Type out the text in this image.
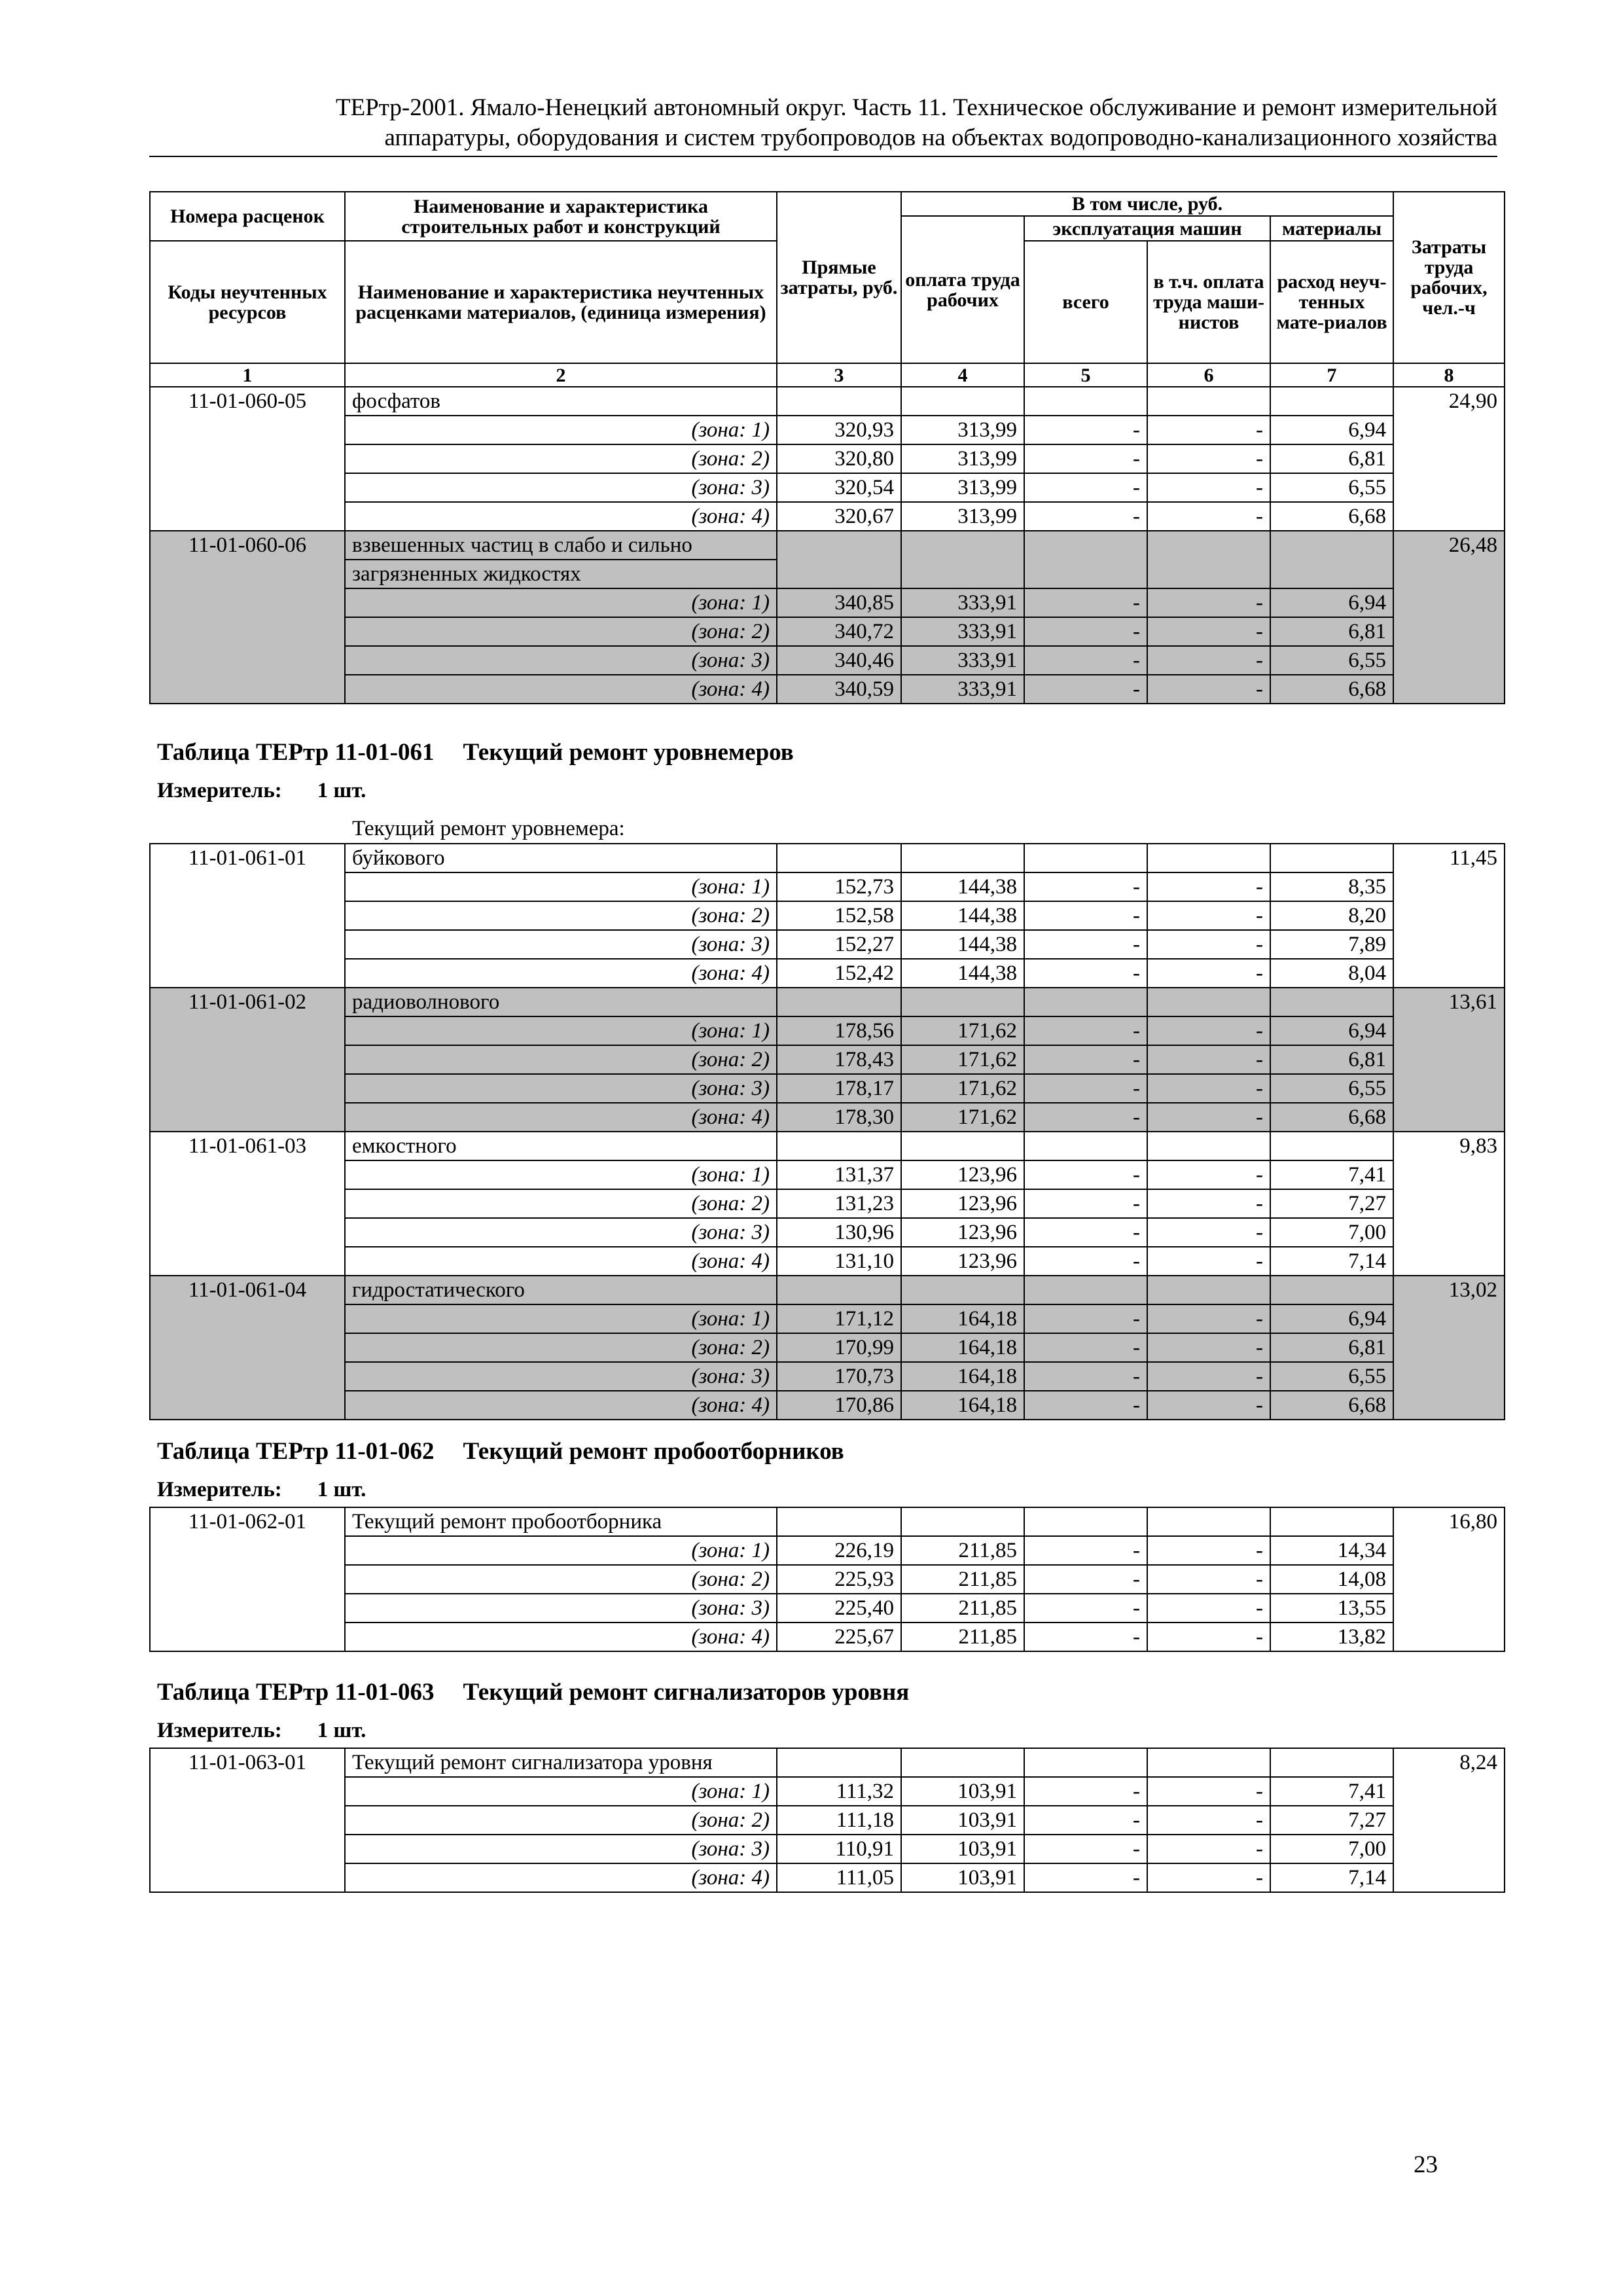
ТЕРтр-2001. Ямало-Ненецкий автономный округ. Часть 11. Техническое обслуживание и ремонт измерительной
аппаратуры, оборудования и систем трубопроводов на объектах водопроводно-канализационного хозяйства
Номера расценок	Наименование и характеристика строительных работ и конструкций	Прямые затраты, руб.	В том числе, руб.				Затраты труда рабочих, чел.-ч
			оплата труда рабочих	эксплуатация машин		материалы	
Коды неучтенных ресурсов	Наименование и характеристика неучтенных расценками материалов, (единица измерения)			всего	в т.ч. оплата труда маши-нистов	расход неуч-тенных мате-риалов	

1	2	3	4	5	6	7	8
11-01-060-05	фосфатов						24,90
	(зона: 1)	320,93	313,99	-	-	6,94	
	(зона: 2)	320,80	313,99	-	-	6,81	
	(зона: 3)	320,54	313,99	-	-	6,55	
	(зона: 4)	320,67	313,99	-	-	6,68	
11-01-060-06	взвешенных частиц в слабо и сильно						26,48
	загрязненных жидкостях						
	(зона: 1)	340,85	333,91	-	-	6,94	
	(зона: 2)	340,72	333,91	-	-	6,81	
	(зона: 3)	340,46	333,91	-	-	6,55	
	(зона: 4)	340,59	333,91	-	-	6,68	
Таблица ТЕРтр 11-01-061 Текущий ремонт уровнемеров
Измеритель: 1 шт.
Текущий ремонт уровнемера:
11-01-061-01	буйкового						11,45
	(зона: 1)	152,73	144,38	-	-	8,35	
	(зона: 2)	152,58	144,38	-	-	8,20	
	(зона: 3)	152,27	144,38	-	-	7,89	
	(зона: 4)	152,42	144,38	-	-	8,04	
11-01-061-02	радиоволнового						13,61
	(зона: 1)	178,56	171,62	-	-	6,94	
	(зона: 2)	178,43	171,62	-	-	6,81	
	(зона: 3)	178,17	171,62	-	-	6,55	
	(зона: 4)	178,30	171,62	-	-	6,68	
11-01-061-03	емкостного						9,83
	(зона: 1)	131,37	123,96	-	-	7,41	
	(зона: 2)	131,23	123,96	-	-	7,27	
	(зона: 3)	130,96	123,96	-	-	7,00	
	(зона: 4)	131,10	123,96	-	-	7,14	
11-01-061-04	гидростатического						13,02
	(зона: 1)	171,12	164,18	-	-	6,94	
	(зона: 2)	170,99	164,18	-	-	6,81	
	(зона: 3)	170,73	164,18	-	-	6,55	
	(зона: 4)	170,86	164,18	-	-	6,68	
Таблица ТЕРтр 11-01-062 Текущий ремонт пробоотборников
Измеритель: 1 шт.
11-01-062-01	Текущий ремонт пробоотборника						16,80
	(зона: 1)	226,19	211,85	-	-	14,34	
	(зона: 2)	225,93	211,85	-	-	14,08	
	(зона: 3)	225,40	211,85	-	-	13,55	
	(зона: 4)	225,67	211,85	-	-	13,82	
Таблица ТЕРтр 11-01-063 Текущий ремонт сигнализаторов уровня
Измеритель: 1 шт.
11-01-063-01	Текущий ремонт сигнализатора уровня						8,24
	(зона: 1)	111,32	103,91	-	-	7,41	
	(зона: 2)	111,18	103,91	-	-	7,27	
	(зона: 3)	110,91	103,91	-	-	7,00	
	(зона: 4)	111,05	103,91	-	-	7,14	
23
